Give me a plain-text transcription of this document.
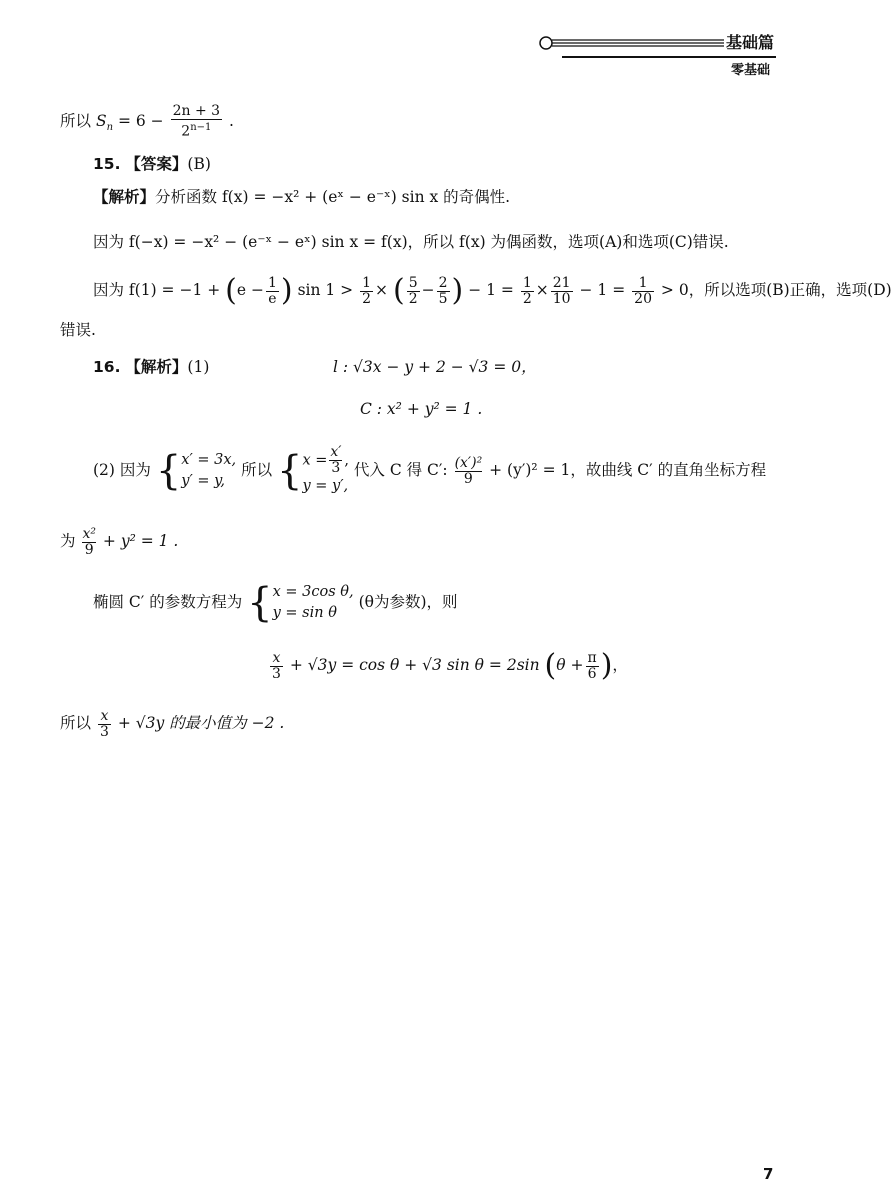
基础篇
零基础
所以 $S_n = 6 - \frac{2n + 3}{2^{n-1}}$ .
15. 【答案】(B)
【解析】分析函数 f(x) = −x² + (eˣ − e⁻ˣ) sin x 的奇偶性.
因为 f(−x) = −x² − (e⁻ˣ − eˣ) sin x = f(x)，所以 f(x) 为偶函数，选项(A)和选项(C)错误.
因为 $f(1) = -1 + (e - \frac{1}{e}$ ) $\sin 1 > \frac{1}{2}$ × ( $\frac{5}{2} - \frac{2}{5}$ ) − $1 = \frac{1}{2} \times \frac{21}{10} - 1 = \frac{1}{20} > 0$，所以选项(B)正确，选项(D)
错误.
16. 【解析】(1)	l : √3x − y + 2 − √3 = 0，
C : x² + y² = 1 .
(2) 因为 {x′ = 3x,
y′ = y, 所以 {$x = \frac{x'}{3}$ ,
y = y′, 代入 C 得 C′: $\frac{\text{(x′)²}}{9} + (y')^2 = 1$，故曲线 C′ 的直角坐标方程
为 $\frac{\text{x²}}{9} + y^2 = 1$ .
椭圆 C′ 的参数方程为 {x = 3cos θ,
y = sin θ (θ为参数)，则
$\frac{x}{3} + √3y = \cos \theta + √3$ sin θ = 2sin ($\theta + \frac{\pi}{6}$ )，
所以 $\frac{x}{3} + √3y$ 的最小值为 −2 .
7
